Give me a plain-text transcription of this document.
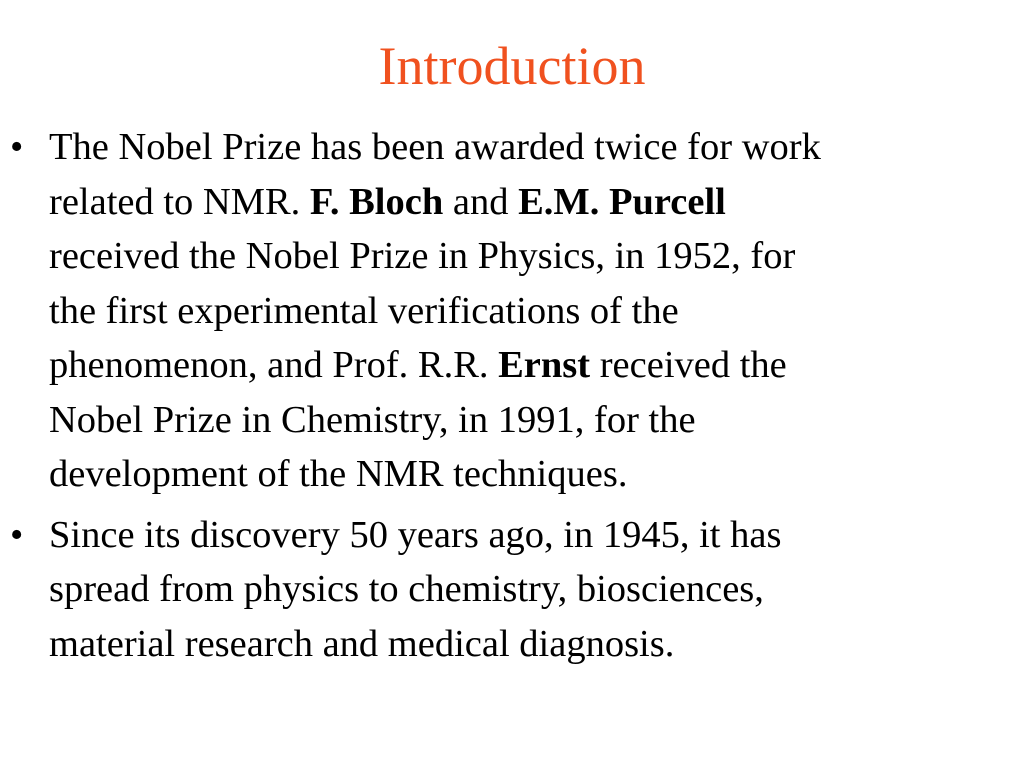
Introduction
• The Nobel Prize has been awarded twice for work
related to NMR. F. Bloch and E.M. Purcell
received the Nobel Prize in Physics, in 1952, for
the first experimental verifications of the
phenomenon, and Prof. R.R. Ernst received the
Nobel Prize in Chemistry, in 1991, for the
development of the NMR techniques.
• Since its discovery 50 years ago, in 1945, it has
spread from physics to chemistry, biosciences,
material research and medical diagnosis.
